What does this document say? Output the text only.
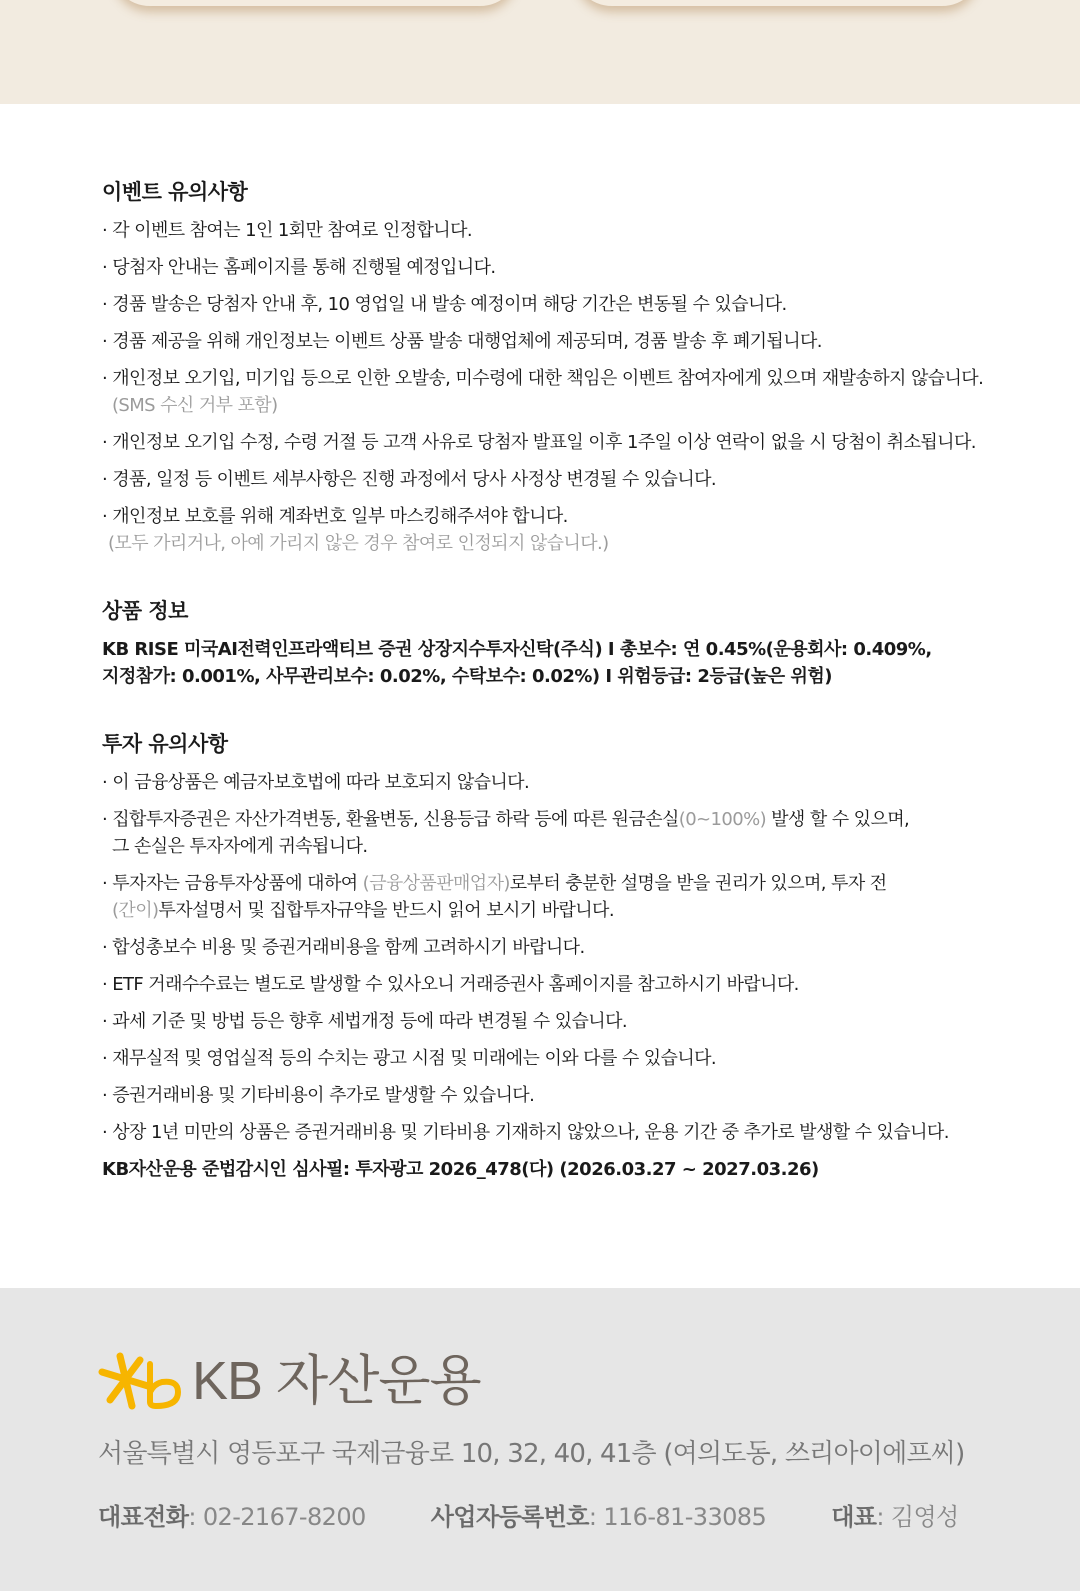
이벤트 유의사항
· 각 이벤트 참여는 1인 1회만 참여로 인정합니다.
· 당첨자 안내는 홈페이지를 통해 진행될 예정입니다.
· 경품 발송은 당첨자 안내 후, 10 영업일 내 발송 예정이며 해당 기간은 변동될 수 있습니다.
· 경품 제공을 위해 개인정보는 이벤트 상품 발송 대행업체에 제공되며, 경품 발송 후 폐기됩니다.
· 개인정보 오기입, 미기입 등으로 인한 오발송, 미수령에 대한 책임은 이벤트 참여자에게 있으며 재발송하지 않습니다.
(SMS 수신 거부 포함)
· 개인정보 오기입 수정, 수령 거절 등 고객 사유로 당첨자 발표일 이후 1주일 이상 연락이 없을 시 당첨이 취소됩니다.
· 경품, 일정 등 이벤트 세부사항은 진행 과정에서 당사 사정상 변경될 수 있습니다.
· 개인정보 보호를 위해 계좌번호 일부 마스킹해주셔야 합니다.
(모두 가리거나, 아예 가리지 않은 경우 참여로 인정되지 않습니다.)
상품 정보

KB RISE 미국AI전력인프라액티브 증권 상장지수투자신탁(주식) I 총보수: 연 0.45%(운용회사: 0.409%,
지정참가: 0.001%, 사무관리보수: 0.02%, 수탁보수: 0.02%) I 위험등급: 2등급(높은 위험)

투자 유의사항
· 이 금융상품은 예금자보호법에 따라 보호되지 않습니다.
· 집합투자증권은 자산가격변동, 환율변동, 신용등급 하락 등에 따른 원금손실(0~100%) 발생 할 수 있으며,
그 손실은 투자자에게 귀속됩니다.
· 투자자는 금융투자상품에 대하여 (금융상품판매업자)로부터 충분한 설명을 받을 권리가 있으며, 투자 전
(간이)투자설명서 및 집합투자규약을 반드시 읽어 보시기 바랍니다.
· 합성총보수 비용 및 증권거래비용을 함께 고려하시기 바랍니다.
· ETF 거래수수료는 별도로 발생할 수 있사오니 거래증권사 홈페이지를 참고하시기 바랍니다.
· 과세 기준 및 방법 등은 향후 세법개정 등에 따라 변경될 수 있습니다.
· 재무실적 및 영업실적 등의 수치는 광고 시점 및 미래에는 이와 다를 수 있습니다.
· 증권거래비용 및 기타비용이 추가로 발생할 수 있습니다.
· 상장 1년 미만의 상품은 증권거래비용 및 기타비용 기재하지 않았으나, 운용 기간 중 추가로 발생할 수 있습니다.

KB자산운용 준법감시인 심사필: 투자광고 2026_478(다) (2026.03.27 ~ 2027.03.26)

KB 자산운용
서울특별시 영등포구 국제금융로 10, 32, 40, 41층 (여의도동, 쓰리아이에프씨)
대표전화: 02-2167-8200	사업자등록번호: 116-81-33085	대표: 김영성
